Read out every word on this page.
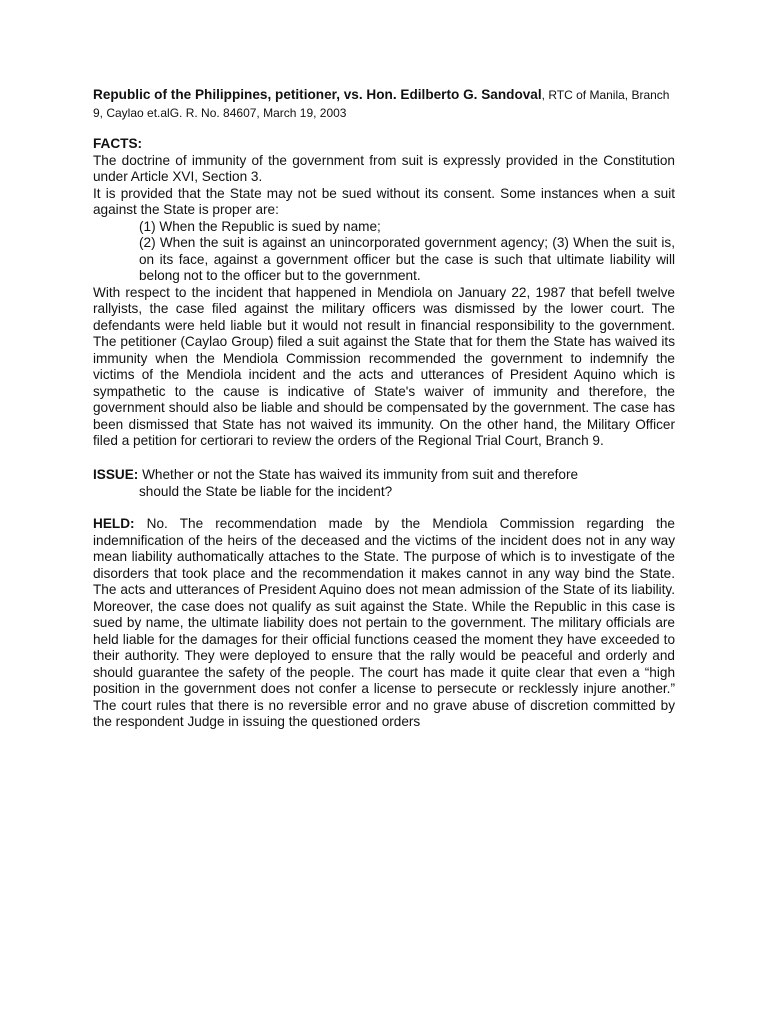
Republic of the Philippines, petitioner, vs. Hon. Edilberto G. Sandoval, RTC of Manila, Branch 9, Caylao et.alG. R. No. 84607, March 19, 2003

FACTS:

The doctrine of immunity of the government from suit is expressly provided in the Constitution under Article XVI, Section 3.

It is provided that the State may not be sued without its consent. Some instances when a suit against the State is proper are:

(1) When the Republic is sued by name;
(2) When the suit is against an unincorporated government agency; (3) When the suit is, on its face, against a government officer but the case is such that ultimate liability will belong not to the officer but to the government.

With respect to the incident that happened in Mendiola on January 22, 1987 that befell twelve rallyists, the case filed against the military officers was dismissed by the lower court. The defendants were held liable but it would not result in financial responsibility to the government. The petitioner (Caylao Group) filed a suit against the State that for them the State has waived its immunity when the Mendiola Commission recommended the government to indemnify the victims of the Mendiola incident and the acts and utterances of President Aquino which is sympathetic to the cause is indicative of State's waiver of immunity and therefore, the government should also be liable and should be compensated by the government. The case has been dismissed that State has not waived its immunity. On the other hand, the Military Officer filed a petition for certiorari to review the orders of the Regional Trial Court, Branch 9.

ISSUE: Whether or not the State has waived its immunity from suit and therefore
should the State be liable for the incident?

HELD: No. The recommendation made by the Mendiola Commission regarding the indemnification of the heirs of the deceased and the victims of the incident does not in any way mean liability authomatically attaches to the State. The purpose of which is to investigate of the disorders that took place and the recommendation it makes cannot in any way bind the State. The acts and utterances of President Aquino does not mean admission of the State of its liability. Moreover, the case does not qualify as suit against the State. While the Republic in this case is sued by name, the ultimate liability does not pertain to the government. The military officials are held liable for the damages for their official functions ceased the moment they have exceeded to their authority. They were deployed to ensure that the rally would be peaceful and orderly and should guarantee the safety of the people. The court has made it quite clear that even a “high position in the government does not confer a license to persecute or recklessly injure another.” The court rules that there is no reversible error and no grave abuse of discretion committed by the respondent Judge in issuing the questioned orders
